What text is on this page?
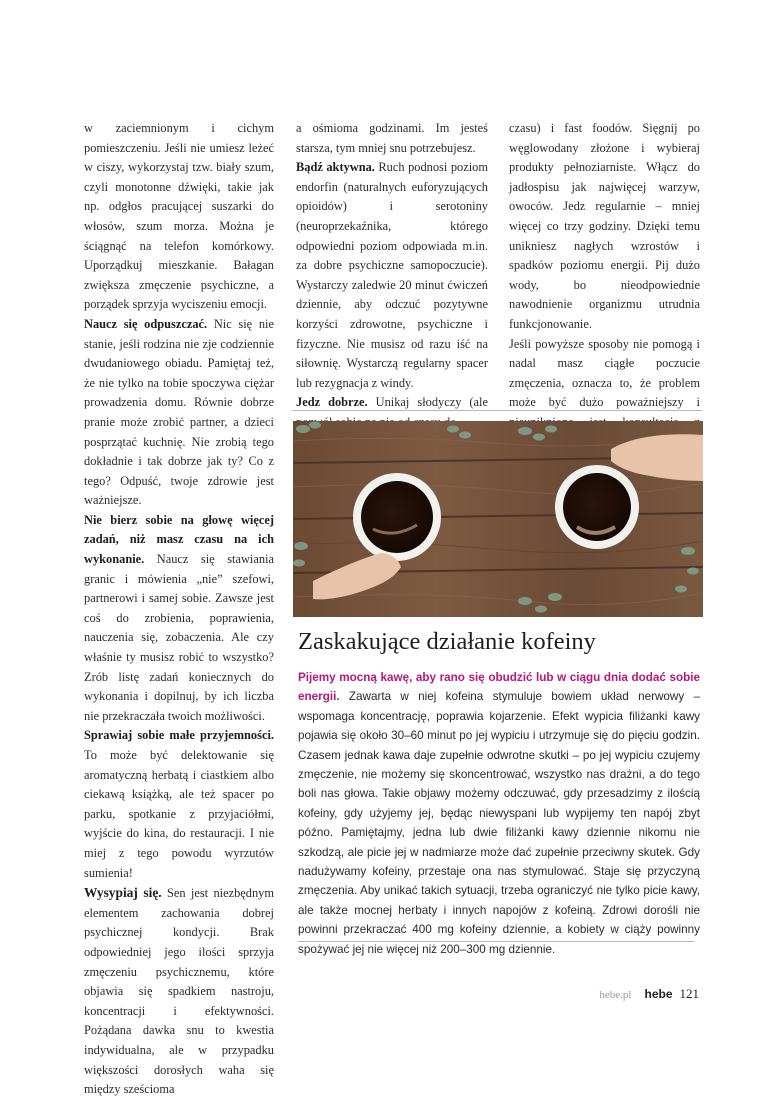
w zaciemnionym i cichym pomieszczeniu. Jeśli nie umiesz leżeć w ciszy, wykorzystaj tzw. biały szum, czyli monotonne dźwięki, takie jak np. odgłos pracującej suszarki do włosów, szum morza. Można je ściągnąć na telefon komórkowy. Uporządkuj mieszkanie. Bałagan zwiększa zmęczenie psychiczne, a porządek sprzyja wyciszeniu emocji.
Naucz się odpuszczać. Nic się nie stanie, jeśli rodzina nie zje codziennie dwudaniowego obiadu. Pamiętaj też, że nie tylko na tobie spoczywa ciężar prowadzenia domu. Równie dobrze pranie może zrobić partner, a dzieci posprzątać kuchnię. Nie zrobią tego dokładnie i tak dobrze jak ty? Co z tego? Odpuść, twoje zdrowie jest ważniejsze.
Nie bierz sobie na głowę więcej zadań, niż masz czasu na ich wykonanie. Naucz się stawiania granic i mówienia „nie” szefowi, partnerowi i samej sobie. Zawsze jest coś do zrobienia, poprawienia, nauczenia się, zobaczenia. Ale czy właśnie ty musisz robić to wszystko? Zrób listę zadań koniecznych do wykonania i dopilnuj, by ich liczba nie przekraczała twoich możliwości.
Sprawiaj sobie małe przyjemności. To może być delektowanie się aromatyczną herbatą i ciastkiem albo ciekawą książką, ale też spacer po parku, spotkanie z przyjaciółmi, wyjście do kina, do restauracji. I nie miej z tego powodu wyrzutów sumienia!
Wysypiaj się. Sen jest niezbędnym elementem zachowania dobrej psychicznej kondycji. Brak odpowiedniej jego ilości sprzyja zmęczeniu psychicznemu, które objawia się spadkiem nastroju, koncentracji i efektywności. Pożądana dawka snu to kwestia indywidualna, ale w przypadku większości dorosłych waha się między sześcioma

a ośmioma godzinami. Im jesteś starsza, tym mniej snu potrzebujesz.
Bądź aktywna. Ruch podnosi poziom endorfin (naturalnych euforyzujących opioidów) i serotoniny (neuroprzekaźnika, którego odpowiedni poziom odpowiada m.in. za dobre psychiczne samopoczucie). Wystarczy zaledwie 20 minut ćwiczeń dziennie, aby odczuć pozytywne korzyści zdrowotne, psychiczne i fizyczne. Nie musisz od razu iść na siłownię. Wystarczą regularny spacer lub rezygnacja z windy.
Jedz dobrze. Unikaj słodyczy (ale

czasu) i fast foodów. Sięgnij po węglowodany złożone i wybieraj produkty pełnoziarniste. Włącz do jadłospisu jak najwięcej warzyw, owoców. Jedz regularnie – mniej więcej co trzy godziny. Dzięki temu unikniesz nagłych wzrostów i spadków poziomu energii. Pij dużo wody, bo nieodpowiednie nawodnienie organizmu utrudnia funkcjonowanie.
Jeśli powyższe sposoby nie pomogą i nadal masz ciągłe poczucie zmęczenia, oznacza to, że problem może być dużo poważniejszy i

Zaskakujące działanie kofeiny
Pijemy mocną kawę, aby rano się obudzić lub w ciągu dnia dodać sobie energii. Zawarta w niej kofeina stymuluje bowiem układ nerwowy – wspomaga koncentrację, poprawia kojarzenie. Efekt wypicia filiżanki kawy pojawia się około 30–60 minut po jej wypiciu i utrzymuje się do pięciu godzin. Czasem jednak kawa daje zupełnie odwrotne skutki – po jej wypiciu czujemy zmęczenie, nie możemy się skoncentrować, wszystko nas drażni, a do tego boli nas głowa. Takie objawy możemy odczuwać, gdy przesadzimy z ilością kofeiny, gdy użyjemy jej, będąc niewyspani lub wypijemy ten napój zbyt późno. Pamiętajmy, jedna lub dwie filiżanki kawy dziennie nikomu nie szkodzą, ale picie jej w nadmiarze może dać zupełnie przeciwny skutek. Gdy nadużywamy kofeiny, przestaje ona nas stymulować. Staje się przyczyną zmęczenia. Aby unikać takich sytuacji, trzeba ograniczyć nie tylko picie kawy, ale także mocnej herbaty i innych napojów z kofeiną. Zdrowi dorośli nie powinni przekraczać 400 mg kofeiny dziennie, a kobiety w ciąży powinny spożywać jej nie więcej niż 200–300 mg dziennie.
hebe.pl hebe 121
